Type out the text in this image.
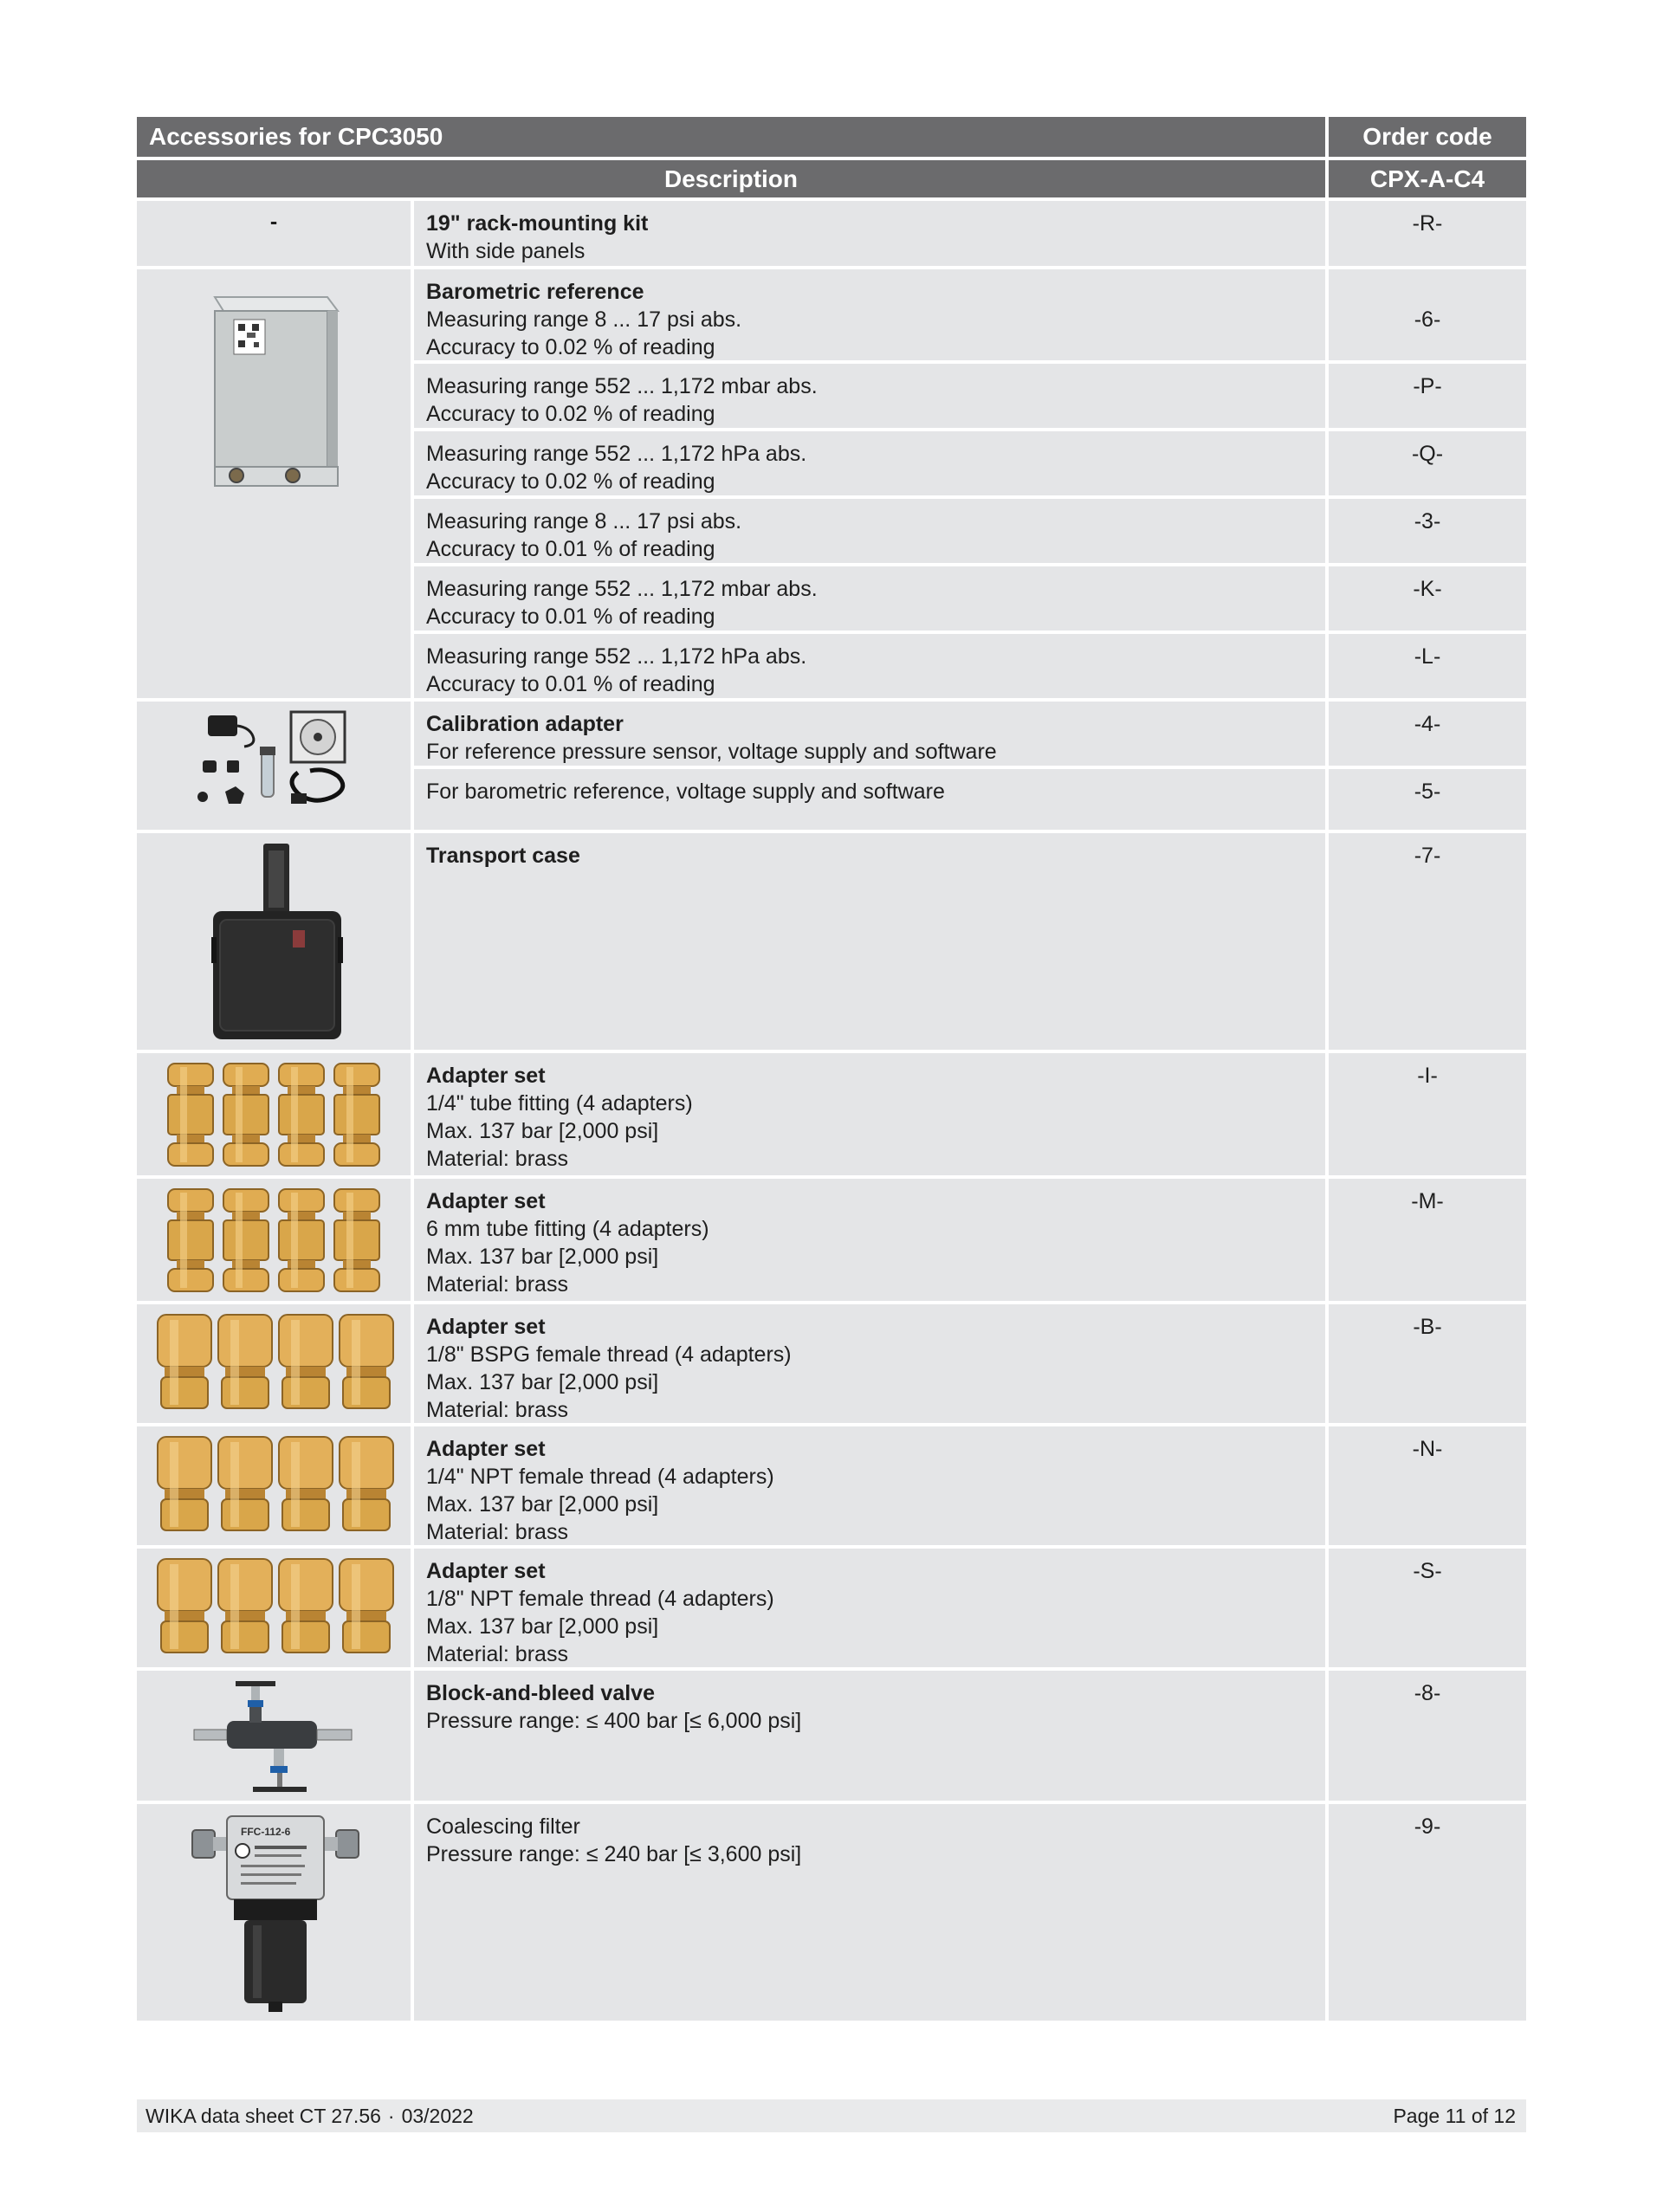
Accessories for CPC3050	Order code
Description	CPX-A-C4
-	19" rack-mounting kit
With side panels
-R-
Barometric reference
Measuring range 8 ... 17 psi abs.
Accuracy to 0.02 % of reading
-6-
Measuring range 552 ... 1,172 mbar abs.
Accuracy to 0.02 % of reading
-P-
Measuring range 552 ... 1,172 hPa abs.
Accuracy to 0.02 % of reading
-Q-
Measuring range 8 ... 17 psi abs.
Accuracy to 0.01 % of reading
-3-
Measuring range 552 ... 1,172 mbar abs.
Accuracy to 0.01 % of reading
-K-
Measuring range 552 ... 1,172 hPa abs.
Accuracy to 0.01 % of reading
-L-
Calibration adapter
For reference pressure sensor, voltage supply and software
-4-
For barometric reference, voltage supply and software	-5-
Transport case	-7-
Adapter set
1/4" tube fitting (4 adapters)
Max. 137 bar [2,000 psi]
Material: brass
-I-
Adapter set
6 mm tube fitting (4 adapters)
Max. 137 bar [2,000 psi]
Material: brass
-M-
Adapter set
1/8" BSPG female thread (4 adapters)
Max. 137 bar [2,000 psi]
Material: brass
-B-
Adapter set
1/4" NPT female thread (4 adapters)
Max. 137 bar [2,000 psi]
Material: brass
-N-
Adapter set
1/8" NPT female thread (4 adapters)
Max. 137 bar [2,000 psi]
Material: brass
-S-
Block-and-bleed valve
Pressure range: ≤ 400 bar [≤ 6,000 psi]
-8-
FFC-112-6	Coalescing filter
Pressure range: ≤ 240 bar [≤ 3,600 psi]
-9-
WIKA data sheet CT 27.56 · 03/2022	Page 11 of 12
